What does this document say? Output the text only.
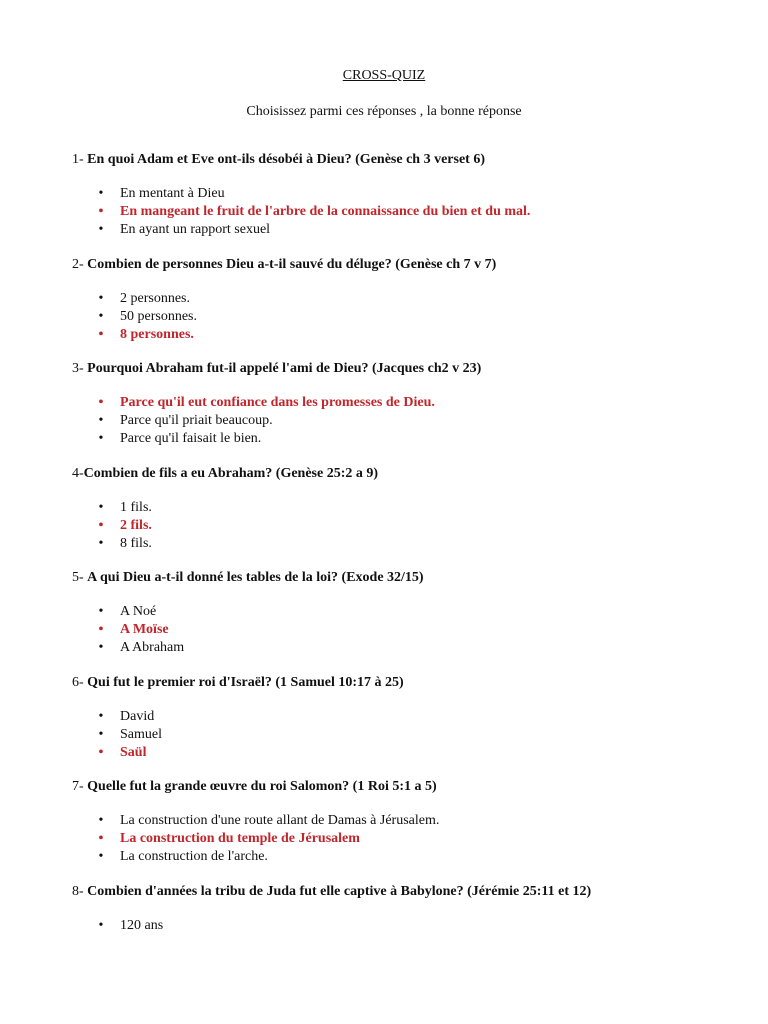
CROSS-QUIZ
Choisissez parmi ces réponses , la bonne réponse
1- En quoi Adam et Eve ont-ils désobéi à Dieu? (Genèse ch 3 verset 6)
• En mentant à Dieu
• En mangeant le fruit de l'arbre de la connaissance du bien et du mal.
• En ayant un rapport sexuel
2- Combien de personnes Dieu a-t-il sauvé du déluge? (Genèse ch 7 v 7)
• 2 personnes.
• 50 personnes.
• 8 personnes.
3- Pourquoi Abraham fut-il appelé l'ami de Dieu? (Jacques ch2 v 23)
• Parce qu'il eut confiance dans les promesses de Dieu.
• Parce qu'il priait beaucoup.
• Parce qu'il faisait le bien.
4-Combien de fils a eu Abraham? (Genèse 25:2 a 9)
• 1 fils.
• 2 fils.
• 8 fils.
5- A qui Dieu a-t-il donné les tables de la loi? (Exode 32/15)
• A Noé
• A Moïse
• A Abraham
6- Qui fut le premier roi d'Israël? (1 Samuel 10:17 à 25)
• David
• Samuel
• Saül
7- Quelle fut la grande œuvre du roi Salomon? (1 Roi 5:1 a 5)
• La construction d'une route allant de Damas à Jérusalem.
• La construction du temple de Jérusalem
• La construction de l'arche.
8- Combien d'années la tribu de Juda fut elle captive à Babylone? (Jérémie 25:11 et 12)
• 120 ans
